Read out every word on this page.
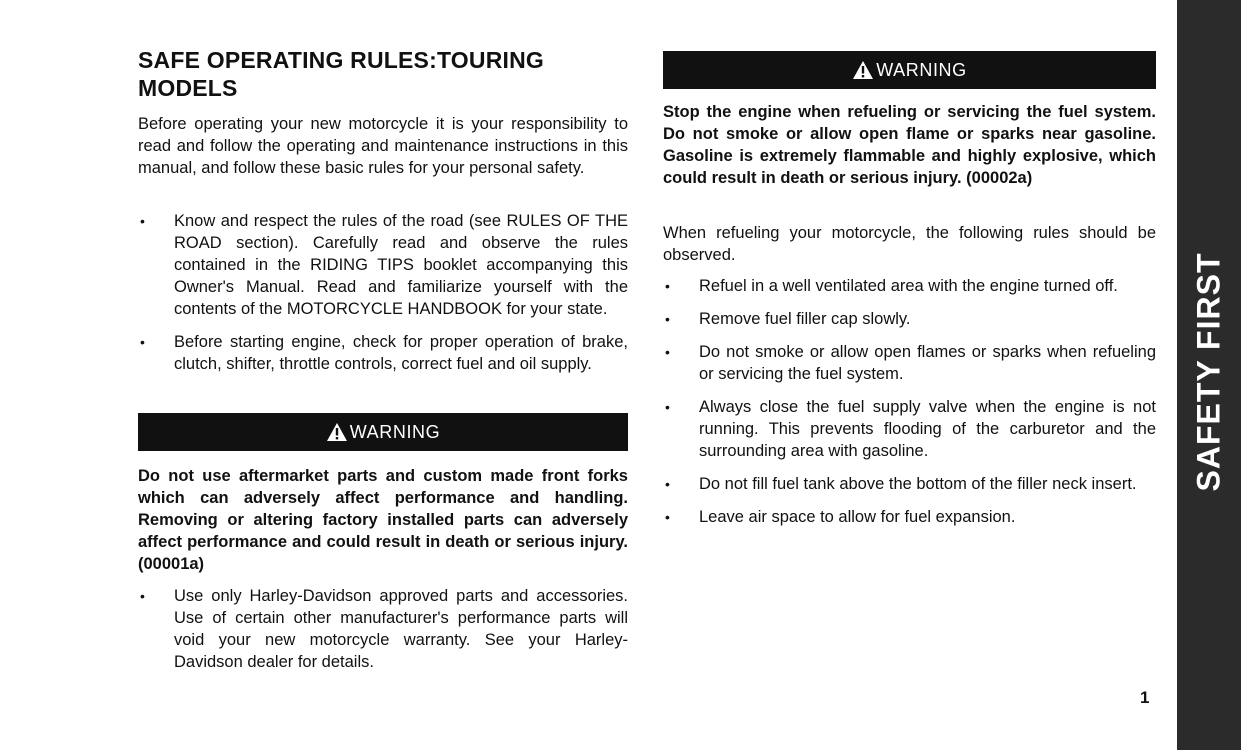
SAFE OPERATING RULES:TOURING MODELS

Before operating your new motorcycle it is your responsibility to read and follow the operating and maintenance instructions in this manual, and follow these basic rules for your personal safety.

• Know and respect the rules of the road (see RULES OF THE ROAD section). Carefully read and observe the rules contained in the RIDING TIPS booklet accompanying this Owner's Manual. Read and familiarize yourself with the contents of the MOTORCYCLE HANDBOOK for your state.
• Before starting engine, check for proper operation of brake, clutch, shifter, throttle controls, correct fuel and oil supply.
WARNING

Do not use aftermarket parts and custom made front forks which can adversely affect performance and handling. Removing or altering factory installed parts can adversely affect performance and could result in death or serious injury. (00001a)

• Use only Harley-Davidson approved parts and accessories. Use of certain other manufacturer's performance parts will void your new motorcycle warranty. See your Harley-Davidson dealer for details.
WARNING

Stop the engine when refueling or servicing the fuel system. Do not smoke or allow open flame or sparks near gasoline. Gasoline is extremely flammable and highly explosive, which could result in death or serious injury. (00002a)

When refueling your motorcycle, the following rules should be observed.

• Refuel in a well ventilated area with the engine turned off.
• Remove fuel filler cap slowly.
• Do not smoke or allow open flames or sparks when refueling or servicing the fuel system.
• Always close the fuel supply valve when the engine is not running. This prevents flooding of the carburetor and the surrounding area with gasoline.
• Do not fill fuel tank above the bottom of the filler neck insert.
• Leave air space to allow for fuel expansion.
SAFETY FIRST
1
